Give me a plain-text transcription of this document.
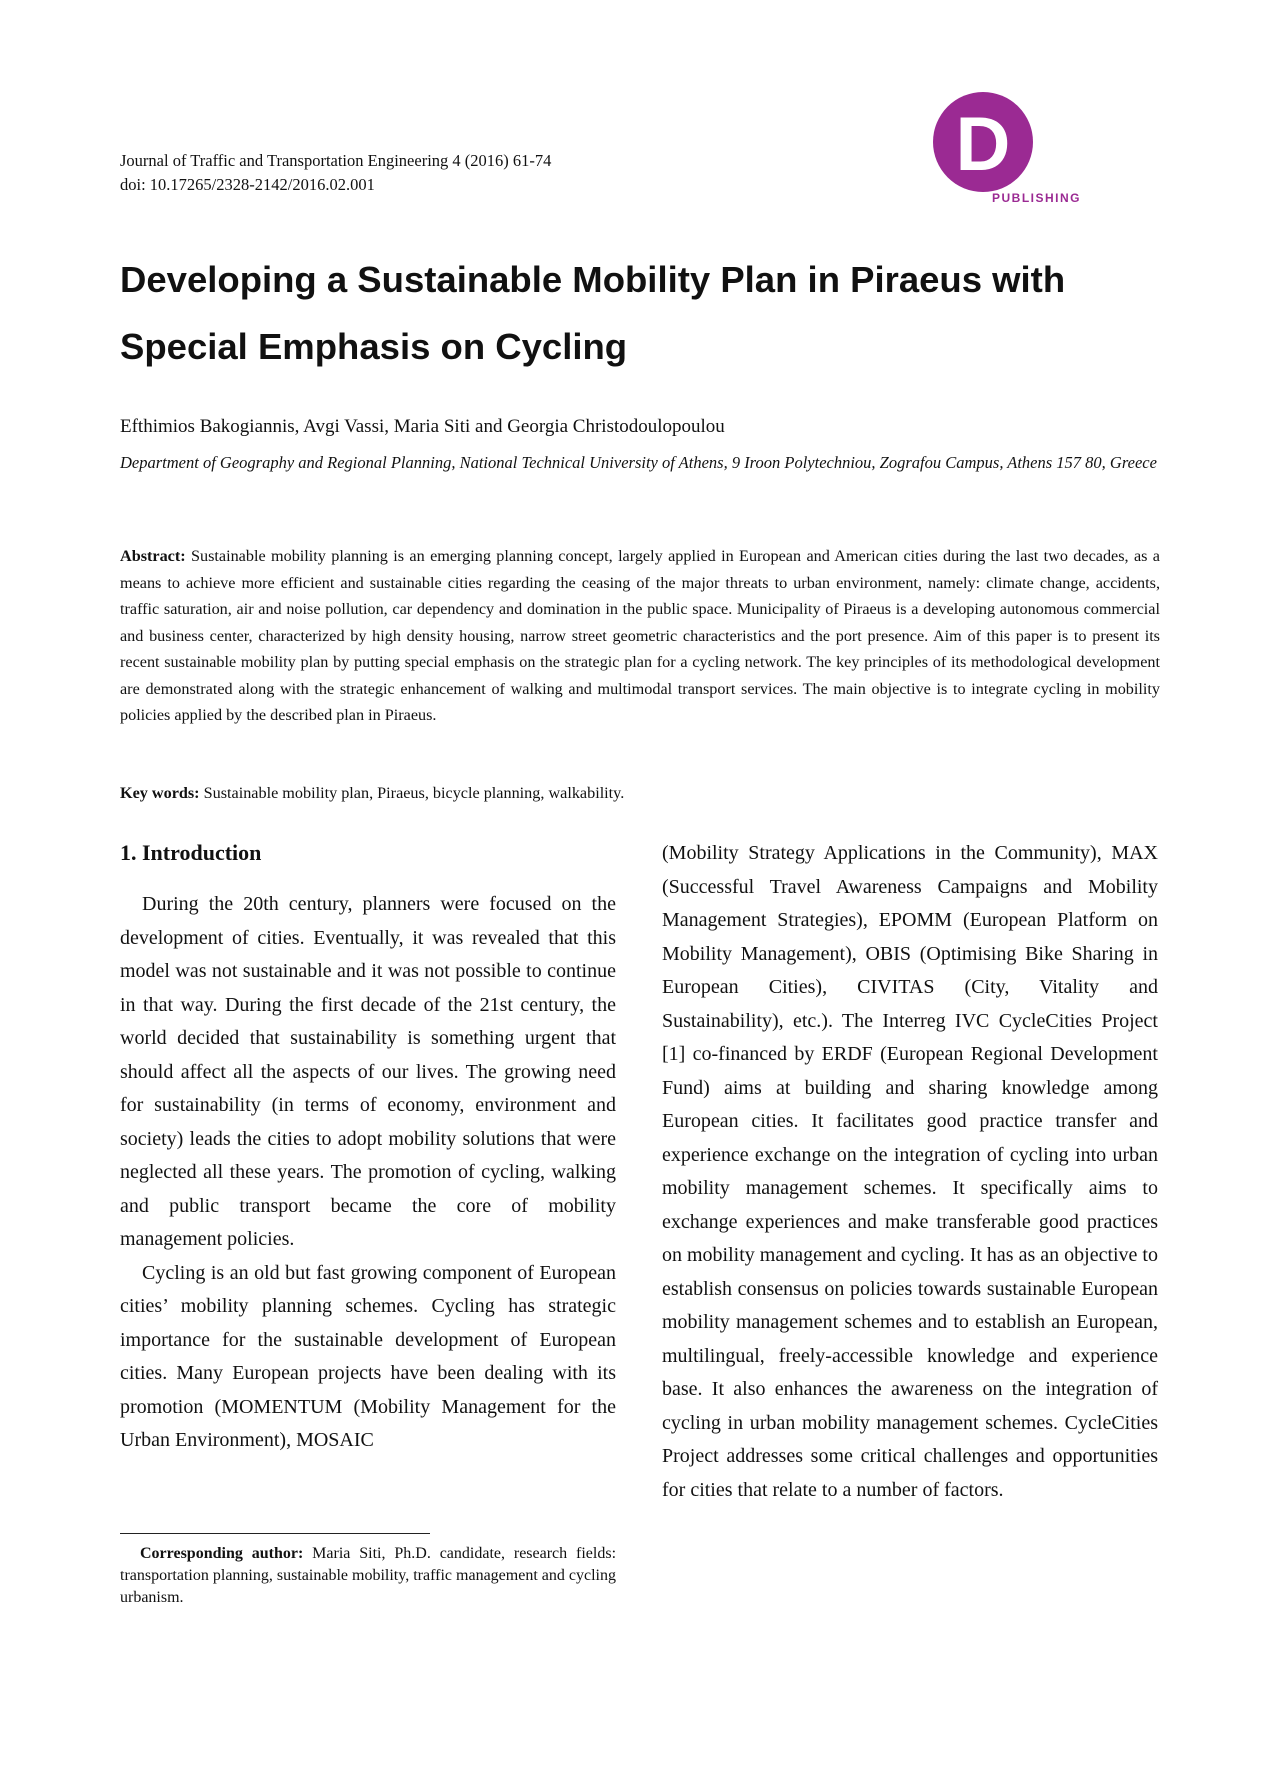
Journal of Traffic and Transportation Engineering 4 (2016) 61-74
doi: 10.17265/2328-2142/2016.02.001	D
DAVID PUBLISHING
Developing a Sustainable Mobility Plan in Piraeus with Special Emphasis on Cycling
Efthimios Bakogiannis, Avgi Vassi, Maria Siti and Georgia Christodoulopoulou
Department of Geography and Regional Planning, National Technical University of Athens, 9 Iroon Polytechniou, Zografou Campus, Athens 157 80, Greece

Abstract: Sustainable mobility planning is an emerging planning concept, largely applied in European and American cities during the last two decades, as a means to achieve more efficient and sustainable cities regarding the ceasing of the major threats to urban environment, namely: climate change, accidents, traffic saturation, air and noise pollution, car dependency and domination in the public space. Municipality of Piraeus is a developing autonomous commercial and business center, characterized by high density housing, narrow street geometric characteristics and the port presence. Aim of this paper is to present its recent sustainable mobility plan by putting special emphasis on the strategic plan for a cycling network. The key principles of its methodological development are demonstrated along with the strategic enhancement of walking and multimodal transport services. The main objective is to integrate cycling in mobility policies applied by the described plan in Piraeus.

Key words: Sustainable mobility plan, Piraeus, bicycle planning, walkability.

1. Introduction

During the 20th century, planners were focused on the development of cities. Eventually, it was revealed that this model was not sustainable and it was not possible to continue in that way. During the first decade of the 21st century, the world decided that sustainability is something urgent that should affect all the aspects of our lives. The growing need for sustainability (in terms of economy, environment and society) leads the cities to adopt mobility solutions that were neglected all these years. The promotion of cycling, walking and public transport became the core of mobility management policies.

Cycling is an old but fast growing component of European cities’ mobility planning schemes. Cycling has strategic importance for the sustainable development of European cities. Many European projects have been dealing with its promotion (MOMENTUM (Mobility Management for the Urban Environment), MOSAIC

(Mobility Strategy Applications in the Community), MAX (Successful Travel Awareness Campaigns and Mobility Management Strategies), EPOMM (European Platform on Mobility Management), OBIS (Optimising Bike Sharing in European Cities), CIVITAS (City, Vitality and Sustainability), etc.). The Interreg IVC CycleCities Project [1] co-financed by ERDF (European Regional Development Fund) aims at building and sharing knowledge among European cities. It facilitates good practice transfer and experience exchange on the integration of cycling into urban mobility management schemes. It specifically aims to exchange experiences and make transferable good practices on mobility management and cycling. It has as an objective to establish consensus on policies towards sustainable European mobility management schemes and to establish an European, multilingual, freely-accessible knowledge and experience base. It also enhances the awareness on the integration of cycling in urban mobility management schemes. CycleCities Project addresses some critical challenges and opportunities for cities that relate to a number of factors.

Corresponding author: Maria Siti, Ph.D. candidate, research fields: transportation planning, sustainable mobility, traffic management and cycling urbanism.
